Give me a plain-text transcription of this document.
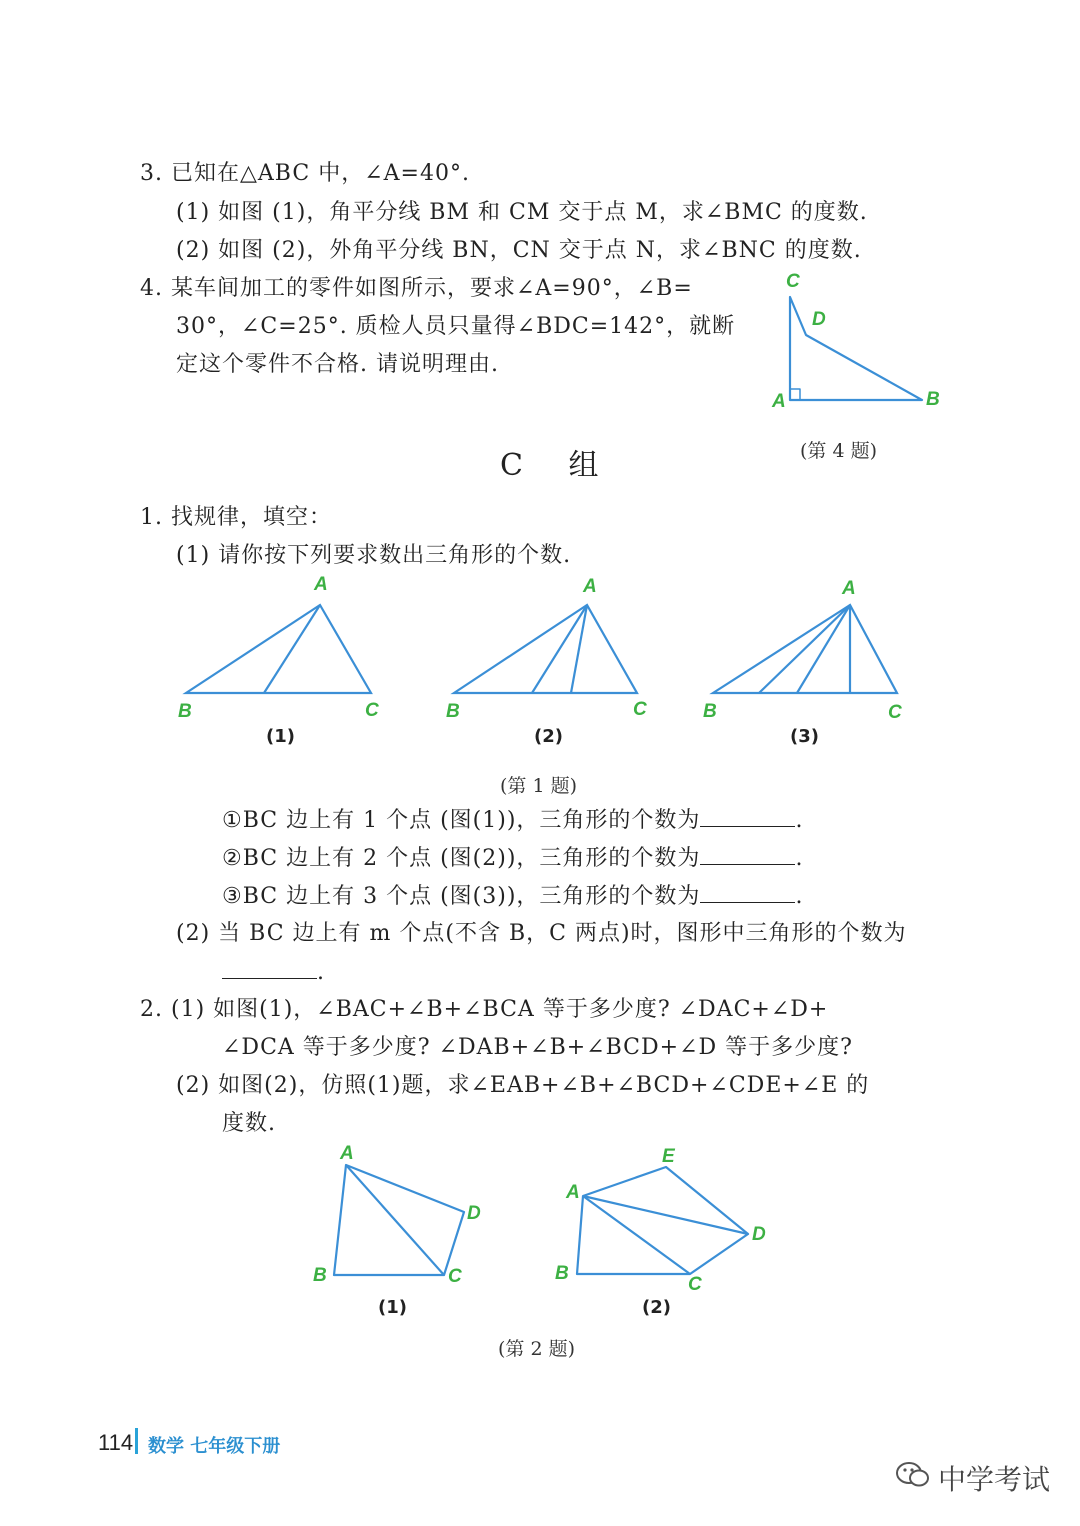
3. 已知在△ABC 中，∠A=40°.
(1) 如图 (1)，角平分线 BM 和 CM 交于点 M，求∠BMC 的度数.
(2) 如图 (2)，外角平分线 BN，CN 交于点 N，求∠BNC 的度数.
4. 某车间加工的零件如图所示，要求∠A=90°，∠B=
30°，∠C=25°. 质检人员只量得∠BDC=142°，就断
定这个零件不合格. 请说明理由.
C
D
A	B
(第 4 题)
C 组
1. 找规律，填空：
(1) 请你按下列要求数出三角形的个数.
A
B	C
(1)
A
B	C
(2)
A
B	C
(3)
(第 1 题)
①BC 边上有 1 个点 (图(1))，三角形的个数为	.
②BC 边上有 2 个点 (图(2))，三角形的个数为	.
③BC 边上有 3 个点 (图(3))，三角形的个数为	.
(2) 当 BC 边上有 m 个点(不含 B，C 两点)时，图形中三角形的个数为
.
2. (1) 如图(1)，∠BAC+∠B+∠BCA 等于多少度? ∠DAC+∠D+
∠DCA 等于多少度? ∠DAB+∠B+∠BCD+∠D 等于多少度?
(2) 如图(2)，仿照(1)题，求∠EAB+∠B+∠BCD+∠CDE+∠E 的
度数.
A
B	C
D
(1)
A
B
C
D
E
(2)
(第 2 题)
114 数学 七年级下册
中学考试
